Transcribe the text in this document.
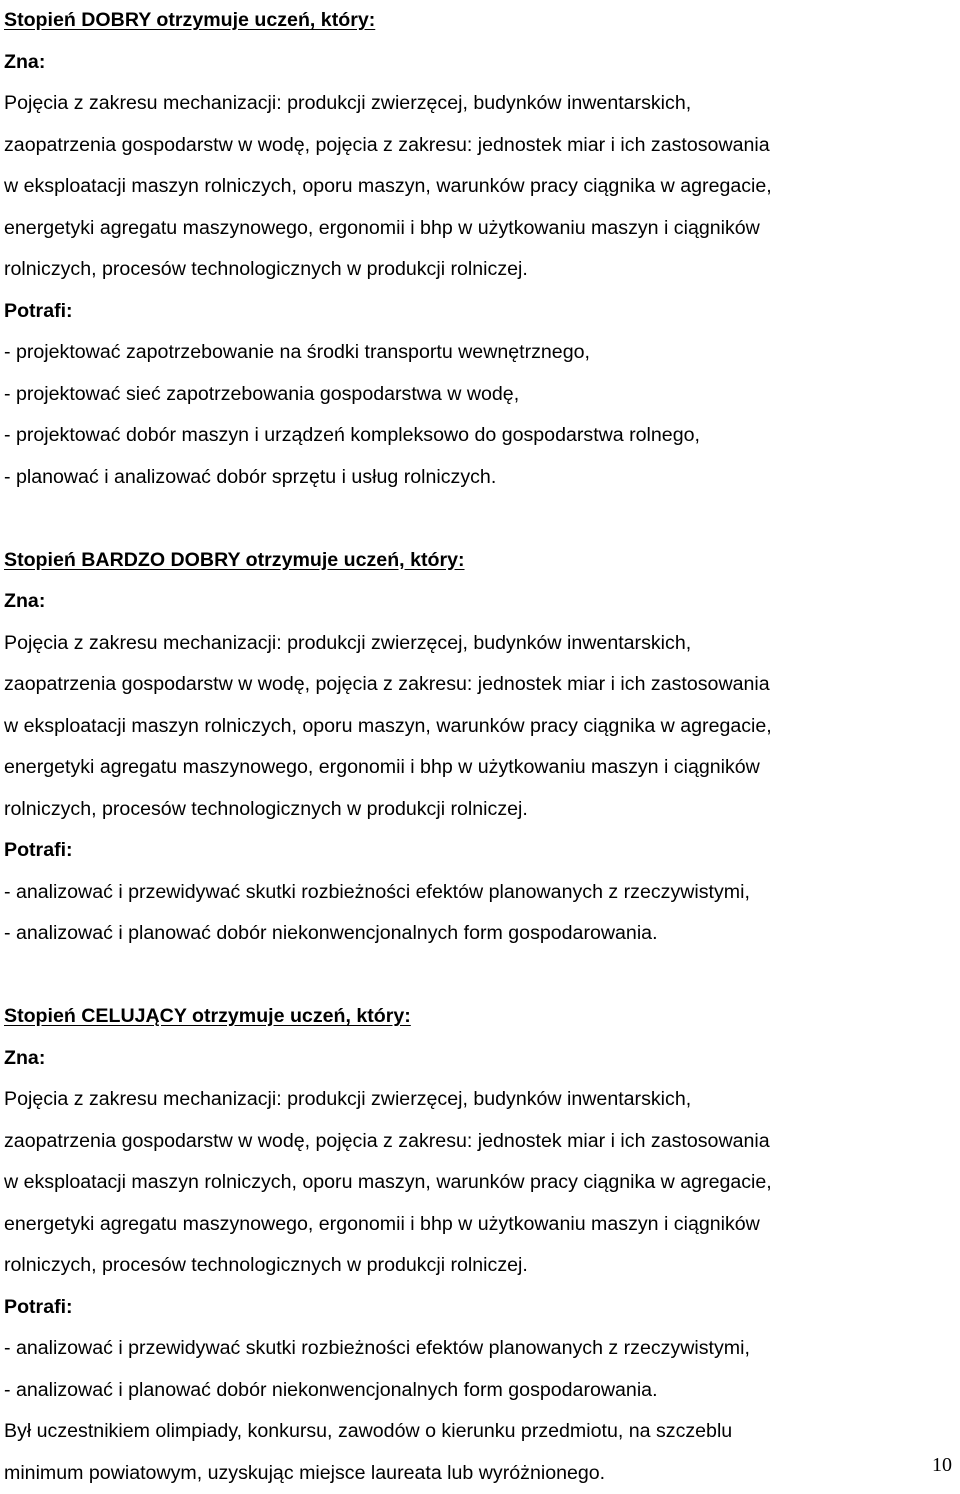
Stopień DOBRY otrzymuje uczeń, który:

Zna:

Pojęcia z zakresu mechanizacji: produkcji zwierzęcej, budynków inwentarskich,

zaopatrzenia gospodarstw w wodę, pojęcia z zakresu: jednostek miar i ich zastosowania

w eksploatacji maszyn rolniczych, oporu maszyn, warunków pracy ciągnika w agregacie,

energetyki agregatu maszynowego, ergonomii i bhp w użytkowaniu maszyn i ciągników

rolniczych, procesów technologicznych w produkcji rolniczej.

Potrafi:

- projektować zapotrzebowanie na środki transportu wewnętrznego,

- projektować sieć zapotrzebowania gospodarstwa w wodę,

- projektować dobór maszyn i urządzeń kompleksowo do gospodarstwa rolnego,

- planować i analizować dobór sprzętu i usług rolniczych.

Stopień BARDZO DOBRY otrzymuje uczeń, który:

Zna:

Pojęcia z zakresu mechanizacji: produkcji zwierzęcej, budynków inwentarskich,

zaopatrzenia gospodarstw w wodę, pojęcia z zakresu: jednostek miar i ich zastosowania

w eksploatacji maszyn rolniczych, oporu maszyn, warunków pracy ciągnika w agregacie,

energetyki agregatu maszynowego, ergonomii i bhp w użytkowaniu maszyn i ciągników

rolniczych, procesów technologicznych w produkcji rolniczej.

Potrafi:

- analizować i przewidywać skutki rozbieżności efektów planowanych z rzeczywistymi,

- analizować i planować dobór niekonwencjonalnych form gospodarowania.

Stopień CELUJĄCY otrzymuje uczeń, który:

Zna:

Pojęcia z zakresu mechanizacji: produkcji zwierzęcej, budynków inwentarskich,

zaopatrzenia gospodarstw w wodę, pojęcia z zakresu: jednostek miar i ich zastosowania

w eksploatacji maszyn rolniczych, oporu maszyn, warunków pracy ciągnika w agregacie,

energetyki agregatu maszynowego, ergonomii i bhp w użytkowaniu maszyn i ciągników

rolniczych, procesów technologicznych w produkcji rolniczej.

Potrafi:

- analizować i przewidywać skutki rozbieżności efektów planowanych z rzeczywistymi,

- analizować i planować dobór niekonwencjonalnych form gospodarowania.

Był uczestnikiem olimpiady, konkursu, zawodów o kierunku przedmiotu, na szczeblu

minimum powiatowym, uzyskując miejsce laureata lub wyróżnionego.	10
